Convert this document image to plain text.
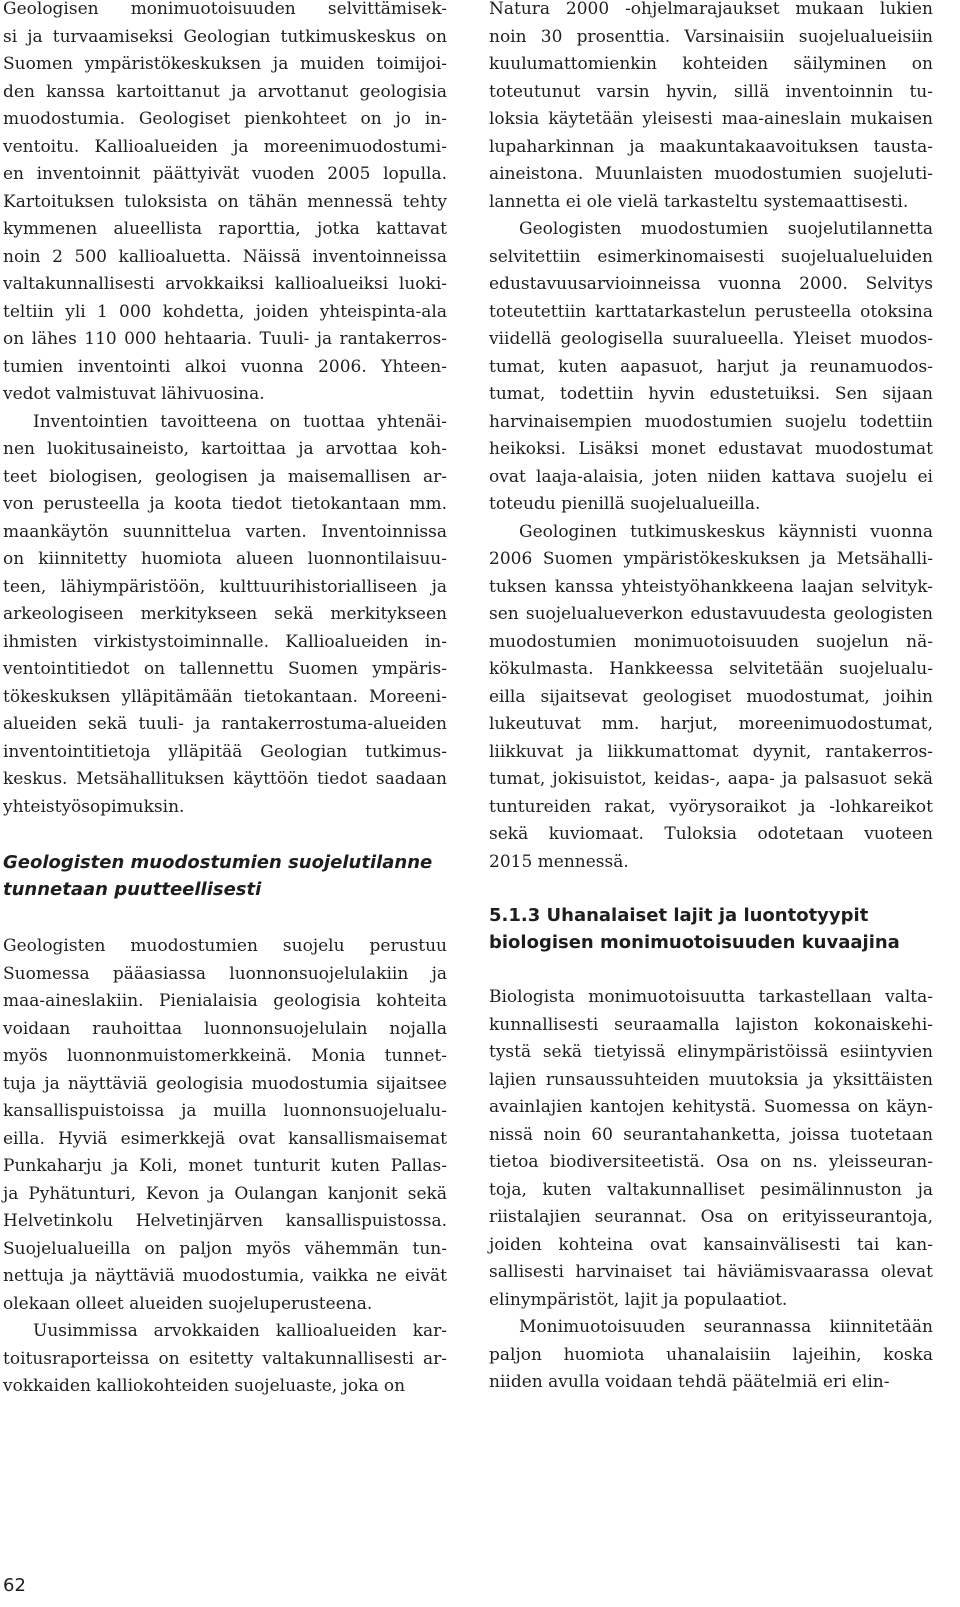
Geologisen monimuotoisuuden selvittämisek-
si ja turvaamiseksi Geologian tutkimuskeskus on
Suomen ympäristökeskuksen ja muiden toimijoi-
den kanssa kartoittanut ja arvottanut geologisia
muodostumia. Geologiset pienkohteet on jo in-
ventoitu. Kallioalueiden ja moreenimuodostumi-
en inventoinnit päättyivät vuoden 2005 lopulla.
Kartoituksen tuloksista on tähän mennessä tehty
kymmenen alueellista raporttia, jotka kattavat
noin 2 500 kallioaluetta. Näissä inventoinneissa
valtakunnallisesti arvokkaiksi kallioalueiksi luoki-
teltiin yli 1 000 kohdetta, joiden yhteispinta-ala
on lähes 110 000 hehtaaria. Tuuli- ja rantakerros-
tumien inventointi alkoi vuonna 2006. Yhteen-
vedot valmistuvat lähivuosina.
Inventointien tavoitteena on tuottaa yhtenäi-
nen luokitusaineisto, kartoittaa ja arvottaa koh-
teet biologisen, geologisen ja maisemallisen ar-
von perusteella ja koota tiedot tietokantaan mm.
maankäytön suunnittelua varten. Inventoinnissa
on kiinnitetty huomiota alueen luonnontilaisuu-
teen, lähiympäristöön, kulttuurihistorialliseen ja
arkeologiseen merkitykseen sekä merkitykseen
ihmisten virkistystoiminnalle. Kallioalueiden in-
ventointitiedot on tallennettu Suomen ympäris-
tökeskuksen ylläpitämään tietokantaan. Moreeni-
alueiden sekä tuuli- ja rantakerrostuma-alueiden
inventointitietoja ylläpitää Geologian tutkimus-
keskus. Metsähallituksen käyttöön tiedot saadaan
yhteistyösopimuksin.
Geologisten muodostumien suojelutilanne
tunnetaan puutteellisesti
Geologisten muodostumien suojelu perustuu
Suomessa pääasiassa luonnonsuojelulakiin ja
maa-aineslakiin. Pienialaisia geologisia kohteita
voidaan rauhoittaa luonnonsuojelulain nojalla
myös luonnonmuistomerkkeinä. Monia tunnet-
tuja ja näyttäviä geologisia muodostumia sijaitsee
kansallispuistoissa ja muilla luonnonsuojelualu-
eilla. Hyviä esimerkkejä ovat kansallismaisemat
Punkaharju ja Koli, monet tunturit kuten Pallas-
ja Pyhätunturi, Kevon ja Oulangan kanjonit sekä
Helvetinkolu Helvetinjärven kansallispuistossa.
Suojelualueilla on paljon myös vähemmän tun-
nettuja ja näyttäviä muodostumia, vaikka ne eivät
olekaan olleet alueiden suojeluperusteena.
Uusimmissa arvokkaiden kallioalueiden kar-
toitusraporteissa on esitetty valtakunnallisesti ar-
vokkaiden kalliokohteiden suojeluaste, joka on
Natura 2000 -ohjelmarajaukset mukaan lukien
noin 30 prosenttia. Varsinaisiin suojelualueisiin
kuulumattomienkin kohteiden säilyminen on
toteutunut varsin hyvin, sillä inventoinnin tu-
loksia käytetään yleisesti maa-aineslain mukaisen
lupaharkinnan ja maakuntakaavoituksen tausta-
aineistona. Muunlaisten muodostumien suojeluti-
lannetta ei ole vielä tarkasteltu systemaattisesti.
Geologisten muodostumien suojelutilannetta
selvitettiin esimerkinomaisesti suojelualueluiden
edustavuusarvioinneissa vuonna 2000. Selvitys
toteutettiin karttatarkastelun perusteella otoksina
viidellä geologisella suuralueella. Yleiset muodos-
tumat, kuten aapasuot, harjut ja reunamuodos-
tumat, todettiin hyvin edustetuiksi. Sen sijaan
harvinaisempien muodostumien suojelu todettiin
heikoksi. Lisäksi monet edustavat muodostumat
ovat laaja-alaisia, joten niiden kattava suojelu ei
toteudu pienillä suojelualueilla.
Geologinen tutkimuskeskus käynnisti vuonna
2006 Suomen ympäristökeskuksen ja Metsähalli-
tuksen kanssa yhteistyöhankkeena laajan selvityk-
sen suojelualueverkon edustavuudesta geologisten
muodostumien monimuotoisuuden suojelun nä-
kökulmasta. Hankkeessa selvitetään suojelualu-
eilla sijaitsevat geologiset muodostumat, joihin
lukeutuvat mm. harjut, moreenimuodostumat,
liikkuvat ja liikkumattomat dyynit, rantakerros-
tumat, jokisuistot, keidas-, aapa- ja palsasuot sekä
tuntureiden rakat, vyörysoraikot ja -lohkareikot
sekä kuviomaat. Tuloksia odotetaan vuoteen
2015 mennessä.
5.1.3 Uhanalaiset lajit ja luontotyypit
biologisen monimuotoisuuden kuvaajina
Biologista monimuotoisuutta tarkastellaan valta-
kunnallisesti seuraamalla lajiston kokonaiskehi-
tystä sekä tietyissä elinympäristöissä esiintyvien
lajien runsaussuhteiden muutoksia ja yksittäisten
avainlajien kantojen kehitystä. Suomessa on käyn-
nissä noin 60 seurantahanketta, joissa tuotetaan
tietoa biodiversiteetistä. Osa on ns. yleisseuran-
toja, kuten valtakunnalliset pesimälinnuston ja
riistalajien seurannat. Osa on erityisseurantoja,
joiden kohteina ovat kansainvälisesti tai kan-
sallisesti harvinaiset tai häviämisvaarassa olevat
elinympäristöt, lajit ja populaatiot.
Monimuotoisuuden seurannassa kiinnitetään
paljon huomiota uhanalaisiin lajeihin, koska
niiden avulla voidaan tehdä päätelmiä eri elin-
62
